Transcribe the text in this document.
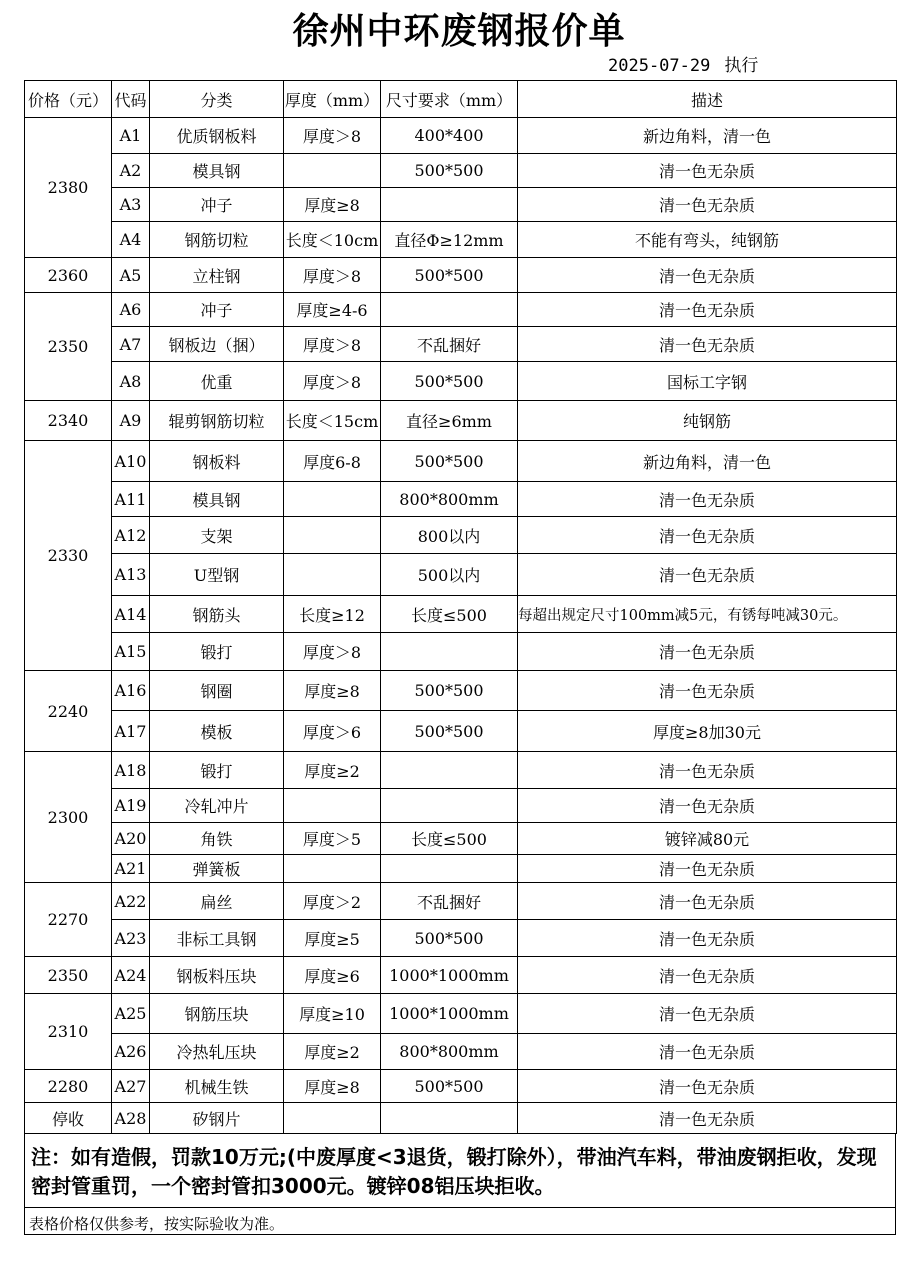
徐州中环废钢报价单
2025-07-29 执行
价格（元）	代码	分类	厚度（mm）	尺寸要求（mm）	描述
2380	A1	优质钢板料	厚度＞8	400*400	新边角料，清一色
	A2	模具钢		500*500	清一色无杂质
	A3	冲子	厚度≥8		清一色无杂质
	A4	钢筋切粒	长度＜10cm	直径Φ≥12mm	不能有弯头，纯钢筋
2360	A5	立柱钢	厚度＞8	500*500	清一色无杂质
2350	A6	冲子	厚度≥4-6		清一色无杂质
	A7	钢板边（捆）	厚度＞8	不乱捆好	清一色无杂质
	A8	优重	厚度＞8	500*500	国标工字钢
2340	A9	辊剪钢筋切粒	长度＜15cm	直径≥6mm	纯钢筋
2330	A10	钢板料	厚度6-8	500*500	新边角料，清一色
	A11	模具钢		800*800mm	清一色无杂质
	A12	支架		800以内	清一色无杂质
	A13	U型钢		500以内	清一色无杂质
	A14	钢筋头	长度≥12	长度≤500	每超出规定尺寸100mm减5元，有锈每吨减30元。
	A15	锻打	厚度＞8		清一色无杂质
2240	A16	钢圈	厚度≥8	500*500	清一色无杂质
	A17	模板	厚度＞6	500*500	厚度≥8加30元
2300	A18	锻打	厚度≥2		清一色无杂质
	A19	冷轧冲片			清一色无杂质
	A20	角铁	厚度＞5	长度≤500	镀锌减80元
	A21	弹簧板			清一色无杂质
2270	A22	扁丝	厚度＞2	不乱捆好	清一色无杂质
	A23	非标工具钢	厚度≥5	500*500	清一色无杂质
2350	A24	钢板料压块	厚度≥6	1000*1000mm	清一色无杂质
2310	A25	钢筋压块	厚度≥10	1000*1000mm	清一色无杂质
	A26	冷热轧压块	厚度≥2	800*800mm	清一色无杂质
2280	A27	机械生铁	厚度≥8	500*500	清一色无杂质
停收	A28	矽钢片			清一色无杂质
注：如有造假，罚款10万元;(中废厚度<3退货，锻打除外），带油汽车料，带油废钢拒收，发现密封管重罚，一个密封管扣3000元。镀锌08铝压块拒收。
表格价格仅供参考，按实际验收为准。
